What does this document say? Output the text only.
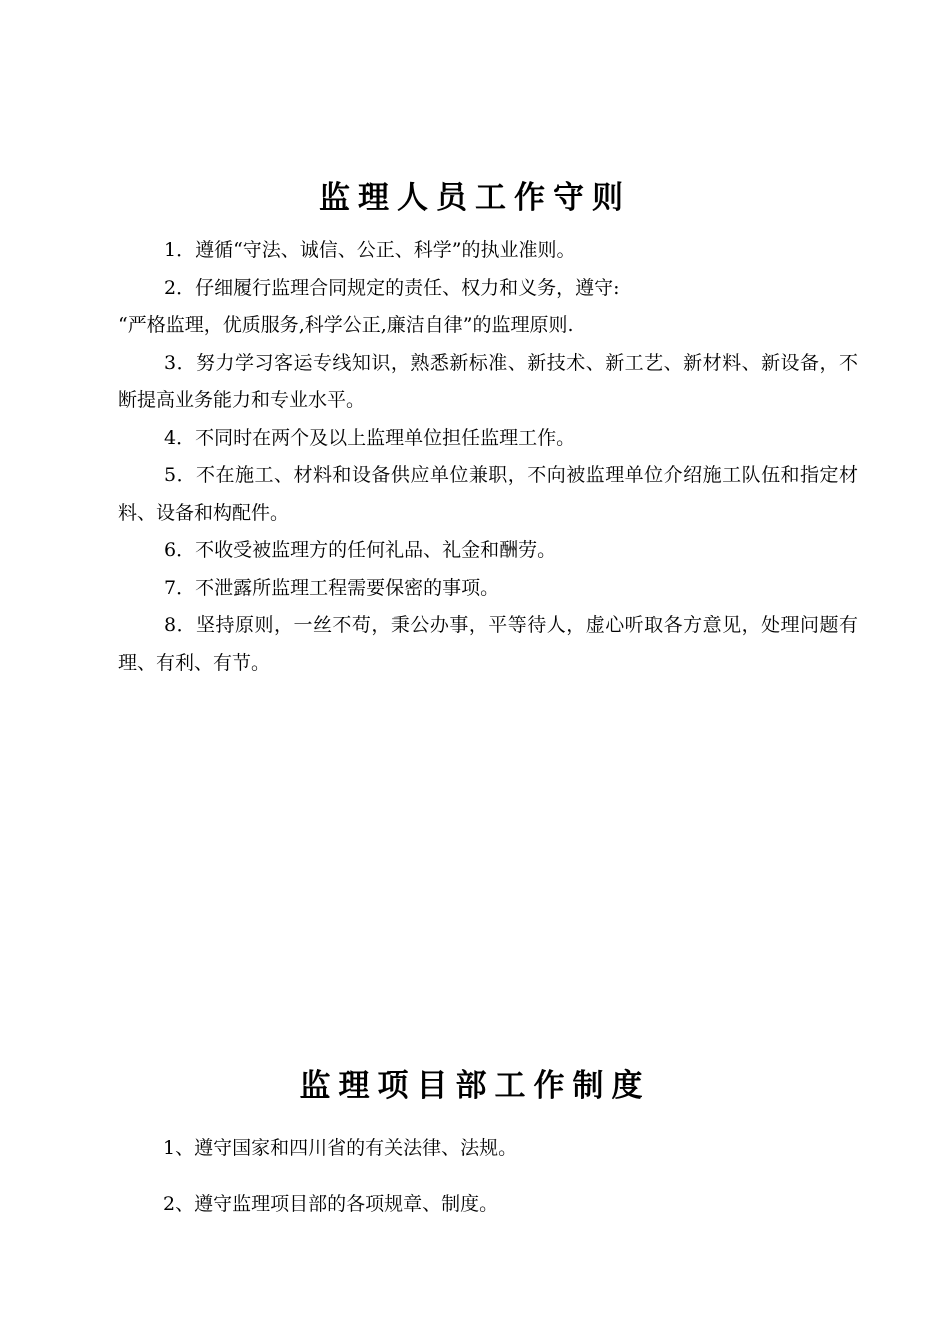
监理人员工作守则

1．遵循“守法、诚信、公正、科学”的执业准则。

2．仔细履行监理合同规定的责任、权力和义务，遵守:

“严格监理，优质服务,科学公正,廉洁自律”的监理原则.

3．努力学习客运专线知识，熟悉新标准、新技术、新工艺、新材料、新设备，不断提高业务能力和专业水平。

4．不同时在两个及以上监理单位担任监理工作。

5．不在施工、材料和设备供应单位兼职，不向被监理单位介绍施工队伍和指定材料、设备和构配件。

6．不收受被监理方的任何礼品、礼金和酬劳。

7．不泄露所监理工程需要保密的事项。

8．坚持原则，一丝不苟，秉公办事，平等待人，虚心听取各方意见，处理问题有理、有利、有节。

监理项目部工作制度

1、遵守国家和四川省的有关法律、法规。

2、遵守监理项目部的各项规章、制度。
